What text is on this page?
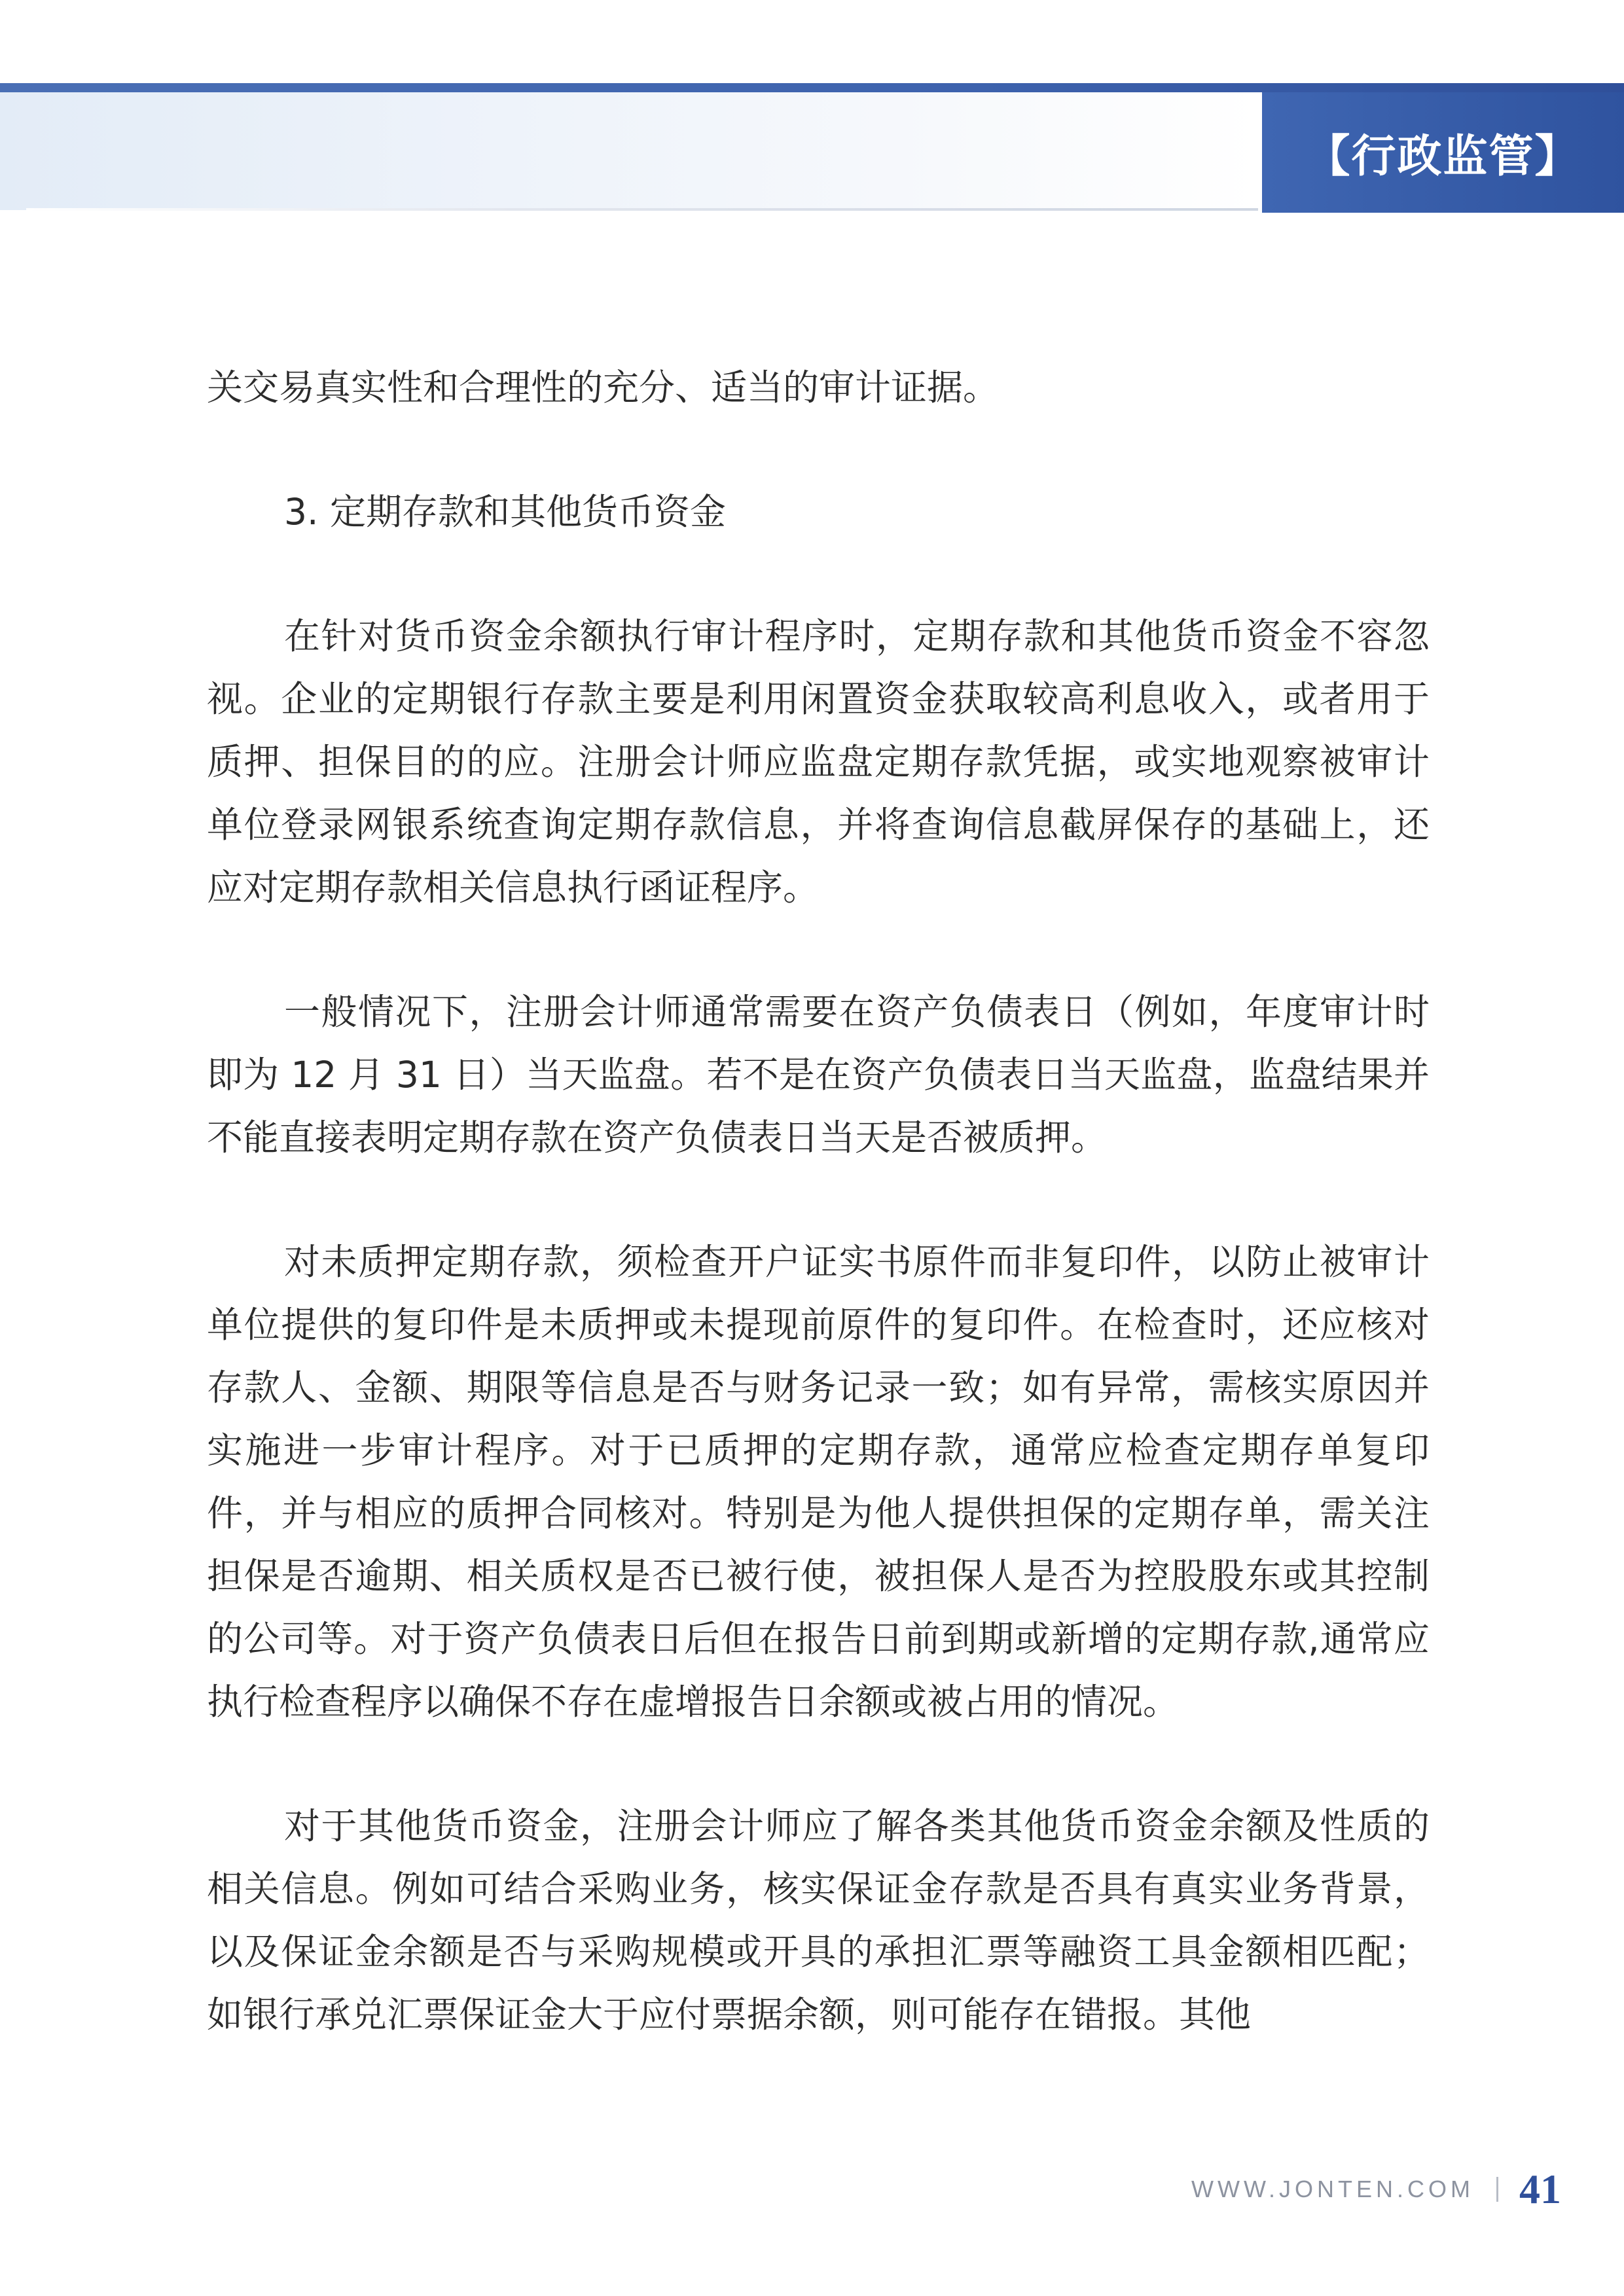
【行政监管】

关交易真实性和合理性的充分、适当的审计证据。

3. 定期存款和其他货币资金

在针对货币资金余额执行审计程序时，定期存款和其他货币资金不容忽视。企业的定期银行存款主要是利用闲置资金获取较高利息收入，或者用于质押、担保目的的应。注册会计师应监盘定期存款凭据，或实地观察被审计单位登录网银系统查询定期存款信息，并将查询信息截屏保存的基础上，还应对定期存款相关信息执行函证程序。

一般情况下，注册会计师通常需要在资产负债表日（例如，年度审计时即为 12 月 31 日）当天监盘。若不是在资产负债表日当天监盘，监盘结果并不能直接表明定期存款在资产负债表日当天是否被质押。

对未质押定期存款，须检查开户证实书原件而非复印件，以防止被审计单位提供的复印件是未质押或未提现前原件的复印件。在检查时，还应核对存款人、金额、期限等信息是否与财务记录一致；如有异常，需核实原因并实施进一步审计程序。对于已质押的定期存款，通常应检查定期存单复印件，并与相应的质押合同核对。特别是为他人提供担保的定期存单，需关注担保是否逾期、相关质权是否已被行使，被担保人是否为控股股东或其控制的公司等。对于资产负债表日后但在报告日前到期或新增的定期存款,通常应执行检查程序以确保不存在虚增报告日余额或被占用的情况。

对于其他货币资金，注册会计师应了解各类其他货币资金余额及性质的相关信息。例如可结合采购业务，核实保证金存款是否具有真实业务背景，以及保证金余额是否与采购规模或开具的承担汇票等融资工具金额相匹配；如银行承兑汇票保证金大于应付票据余额，则可能存在错报。其他

WWW.JONTEN.COM 41
